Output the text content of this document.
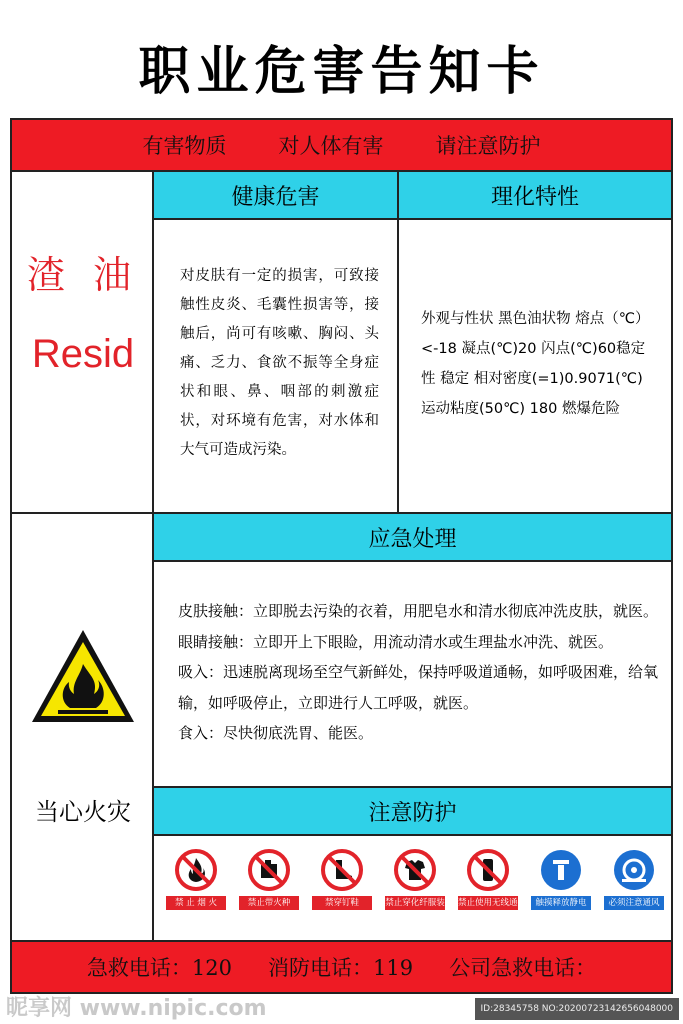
职业危害告知卡
有害物质 对人体有害 请注意防护
渣 油
Resid
健康危害	理化特性
对皮肤有一定的损害，可致接触性皮炎、毛囊性损害等，接触后，尚可有咳嗽、胸闷、头痛、乏力、食欲不振等全身症状和眼、鼻、咽部的刺激症状，对环境有危害，对水体和大气可造成污染。
外观与性状 黑色油状物 熔点（℃）<-18 凝点(℃)20 闪点(℃)60稳定性 稳定 相对密度(=1)0.9071(℃) 运动粘度(50℃) 180 燃爆危险
当心火灾
应急处理
皮肤接触：立即脱去污染的衣着，用肥皂水和清水彻底冲洗皮肤，就医。
眼睛接触：立即开上下眼睑，用流动清水或生理盐水冲洗、就医。
吸入：迅速脱离现场至空气新鲜处，保持呼吸道通畅，如呼吸困难，给氧输，如呼吸停止，立即进行人工呼吸，就医。
食入：尽快彻底洗胃、能医。
注意防护
禁 止 烟 火	禁止带火种	禁穿钉鞋	禁止穿化纤服装 禁止使用无线通信	触摸释放静电	必须注意通风
急救电话：120 消防电话：119 公司急救电话：
昵享网 www.nipic.com	ID:28345758 NO:20200723142656048000
